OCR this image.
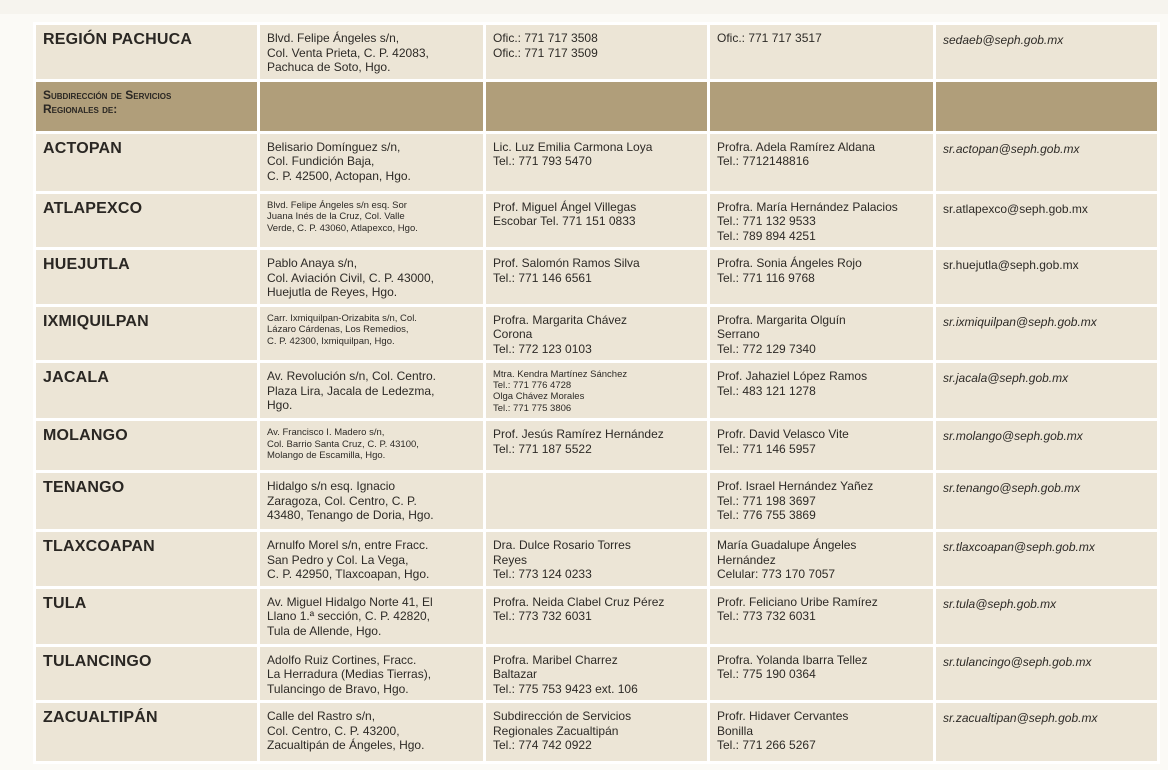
REGIÓN PACHUCA	Blvd. Felipe Ángeles s/n,
Col. Venta Prieta, C. P. 42083,
Pachuca de Soto, Hgo.	Ofic.: 771 717 3508
Ofic.: 771 717 3509	Ofic.: 771 717 3517	sedaeb@seph.gob.mx

Subdirección de Servicios
Regionales de:				

ACTOPAN	Belisario Domínguez s/n,
Col. Fundición Baja,
C. P. 42500, Actopan, Hgo.	Lic. Luz Emilia Carmona Loya
Tel.: 771 793 5470	Profra. Adela Ramírez Aldana
Tel.: 7712148816	sr.actopan@seph.gob.mx
ATLAPEXCO	Blvd. Felipe Ángeles s/n esq. Sor
Juana Inés de la Cruz, Col. Valle
Verde, C. P. 43060, Atlapexco, Hgo.	Prof. Miguel Ángel Villegas
Escobar Tel. 771 151 0833	Profra. María Hernández Palacios
Tel.: 771 132 9533
Tel.: 789 894 4251	sr.atlapexco@seph.gob.mx
HUEJUTLA	Pablo Anaya s/n,
Col. Aviación Civil, C. P. 43000,
Huejutla de Reyes, Hgo.	Prof. Salomón Ramos Silva
Tel.: 771 146 6561	Profra. Sonia Ángeles Rojo
Tel.: 771 116 9768	sr.huejutla@seph.gob.mx
IXMIQUILPAN	Carr. Ixmiquilpan-Orizabita s/n, Col.
Lázaro Cárdenas, Los Remedios,
C. P. 42300, Ixmiquilpan, Hgo.	Profra. Margarita Chávez
Corona
Tel.: 772 123 0103	Profra. Margarita Olguín
Serrano
Tel.: 772 129 7340	sr.ixmiquilpan@seph.gob.mx
JACALA	Av. Revolución s/n, Col. Centro.
Plaza Lira, Jacala de Ledezma,
Hgo.	Mtra. Kendra Martínez Sánchez
Tel.: 771 776 4728
Olga Chávez Morales
Tel.: 771 775 3806	Prof. Jahaziel López Ramos
Tel.: 483 121 1278	sr.jacala@seph.gob.mx
MOLANGO	Av. Francisco I. Madero s/n,
Col. Barrio Santa Cruz, C. P. 43100,
Molango de Escamilla, Hgo.	Prof. Jesús Ramírez Hernández
Tel.: 771 187 5522	Profr. David Velasco Vite
Tel.: 771 146 5957	sr.molango@seph.gob.mx
TENANGO	Hidalgo s/n esq. Ignacio
Zaragoza, Col. Centro, C. P.
43480, Tenango de Doria, Hgo.		Prof. Israel Hernández Yañez
Tel.: 771 198 3697
Tel.: 776 755 3869	sr.tenango@seph.gob.mx
TLAXCOAPAN	Arnulfo Morel s/n, entre Fracc.
San Pedro y Col. La Vega,
C. P. 42950, Tlaxcoapan, Hgo.	Dra. Dulce Rosario Torres
Reyes
Tel.: 773 124 0233	María Guadalupe Ángeles
Hernández
Celular: 773 170 7057	sr.tlaxcoapan@seph.gob.mx
TULA	Av. Miguel Hidalgo Norte 41, El
Llano 1.ª sección, C. P. 42820,
Tula de Allende, Hgo.	Profra. Neida Clabel Cruz Pérez
Tel.: 773 732 6031	Profr. Feliciano Uribe Ramírez
Tel.: 773 732 6031	sr.tula@seph.gob.mx
TULANCINGO	Adolfo Ruiz Cortines, Fracc.
La Herradura (Medias Tierras),
Tulancingo de Bravo, Hgo.	Profra. Maribel Charrez
Baltazar
Tel.: 775 753 9423 ext. 106	Profra. Yolanda Ibarra Tellez
Tel.: 775 190 0364	sr.tulancingo@seph.gob.mx
ZACUALTIPÁN	Calle del Rastro s/n,
Col. Centro, C. P. 43200,
Zacualtipán de Ángeles, Hgo.	Subdirección de Servicios
Regionales Zacualtipán
Tel.: 774 742 0922	Profr. Hidaver Cervantes
Bonilla
Tel.: 771 266 5267	sr.zacualtipan@seph.gob.mx
